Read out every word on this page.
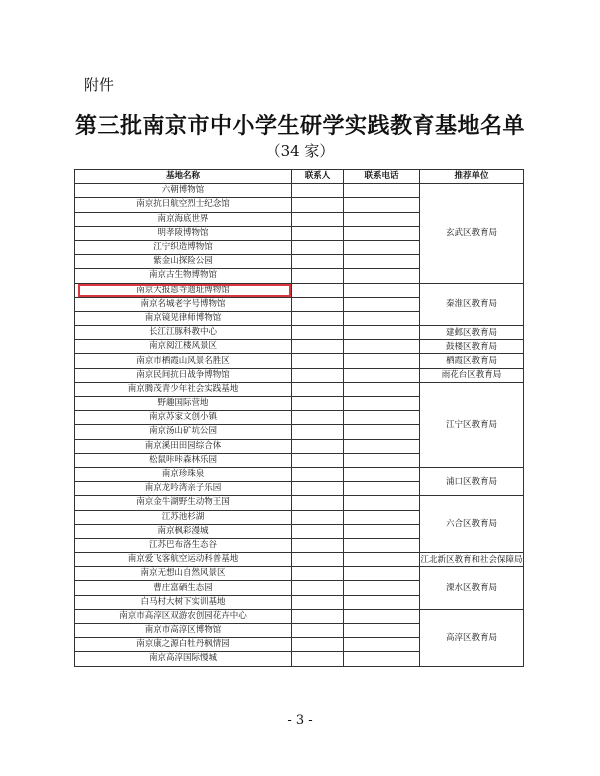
附件
第三批南京市中小学生研学实践教育基地名单
（34 家）
基地名称	联系人	联系电话	推荐单位
六朝博物馆			玄武区教育局
南京抗日航空烈士纪念馆			
南京海底世界			
明孝陵博物馆			
江宁织造博物馆			
紫金山探险公园			
南京古生物博物馆			
南京大报恩寺遗址博物馆			秦淮区教育局
南京名城老字号博物馆			
南京镜见律师博物馆			
长江江豚科教中心			建邺区教育局
南京阅江楼风景区			鼓楼区教育局
南京市栖霞山风景名胜区			栖霞区教育局
南京民间抗日战争博物馆			雨花台区教育局
南京腾茂青少年社会实践基地			江宁区教育局
野趣国际营地			
南京苏家文创小镇			
南京汤山矿坑公园			
南京溪田田园综合体			
松鼠咔咔森林乐园			
南京珍珠泉			浦口区教育局
南京龙吟湾亲子乐园			
南京金牛湖野生动物王国			六合区教育局
江苏池杉湖			
南京枫彩漫城			
江苏巴布洛生态谷			
南京爱飞客航空运动科普基地			江北新区教育和社会保障局
南京无想山自然风景区			溧水区教育局
曹庄富硒生态园			
白马村大树下实训基地			
南京市高淳区双游农创园花卉中心			高淳区教育局
南京市高淳区博物馆			
南京康之源白牡丹枫情园			
南京高淳国际慢城			
- 3 -
